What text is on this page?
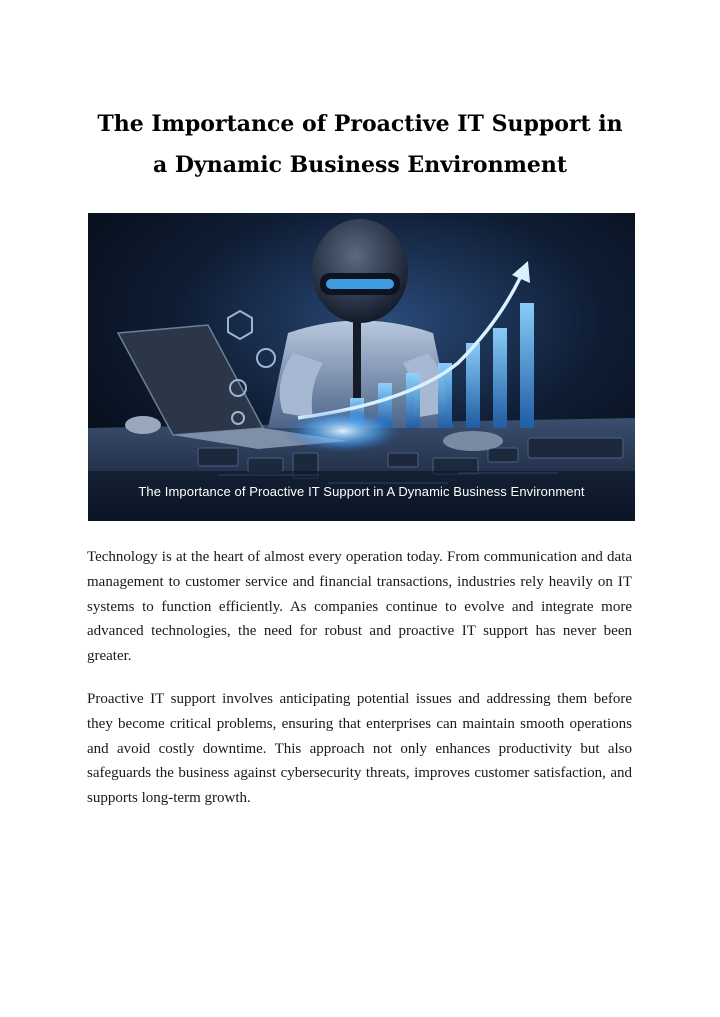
The Importance of Proactive IT Support in
a Dynamic Business Environment
The Importance of Proactive IT Support in A Dynamic Business Environment

Technology is at the heart of almost every operation today. From communication and data management to customer service and financial transactions, industries rely heavily on IT systems to function efficiently. As companies continue to evolve and integrate more advanced technologies, the need for robust and proactive IT support has never been greater.

Proactive IT support involves anticipating potential issues and addressing them before they become critical problems, ensuring that enterprises can maintain smooth operations and avoid costly downtime. This approach not only enhances productivity but also safeguards the business against cybersecurity threats, improves customer satisfaction, and supports long-term growth.
